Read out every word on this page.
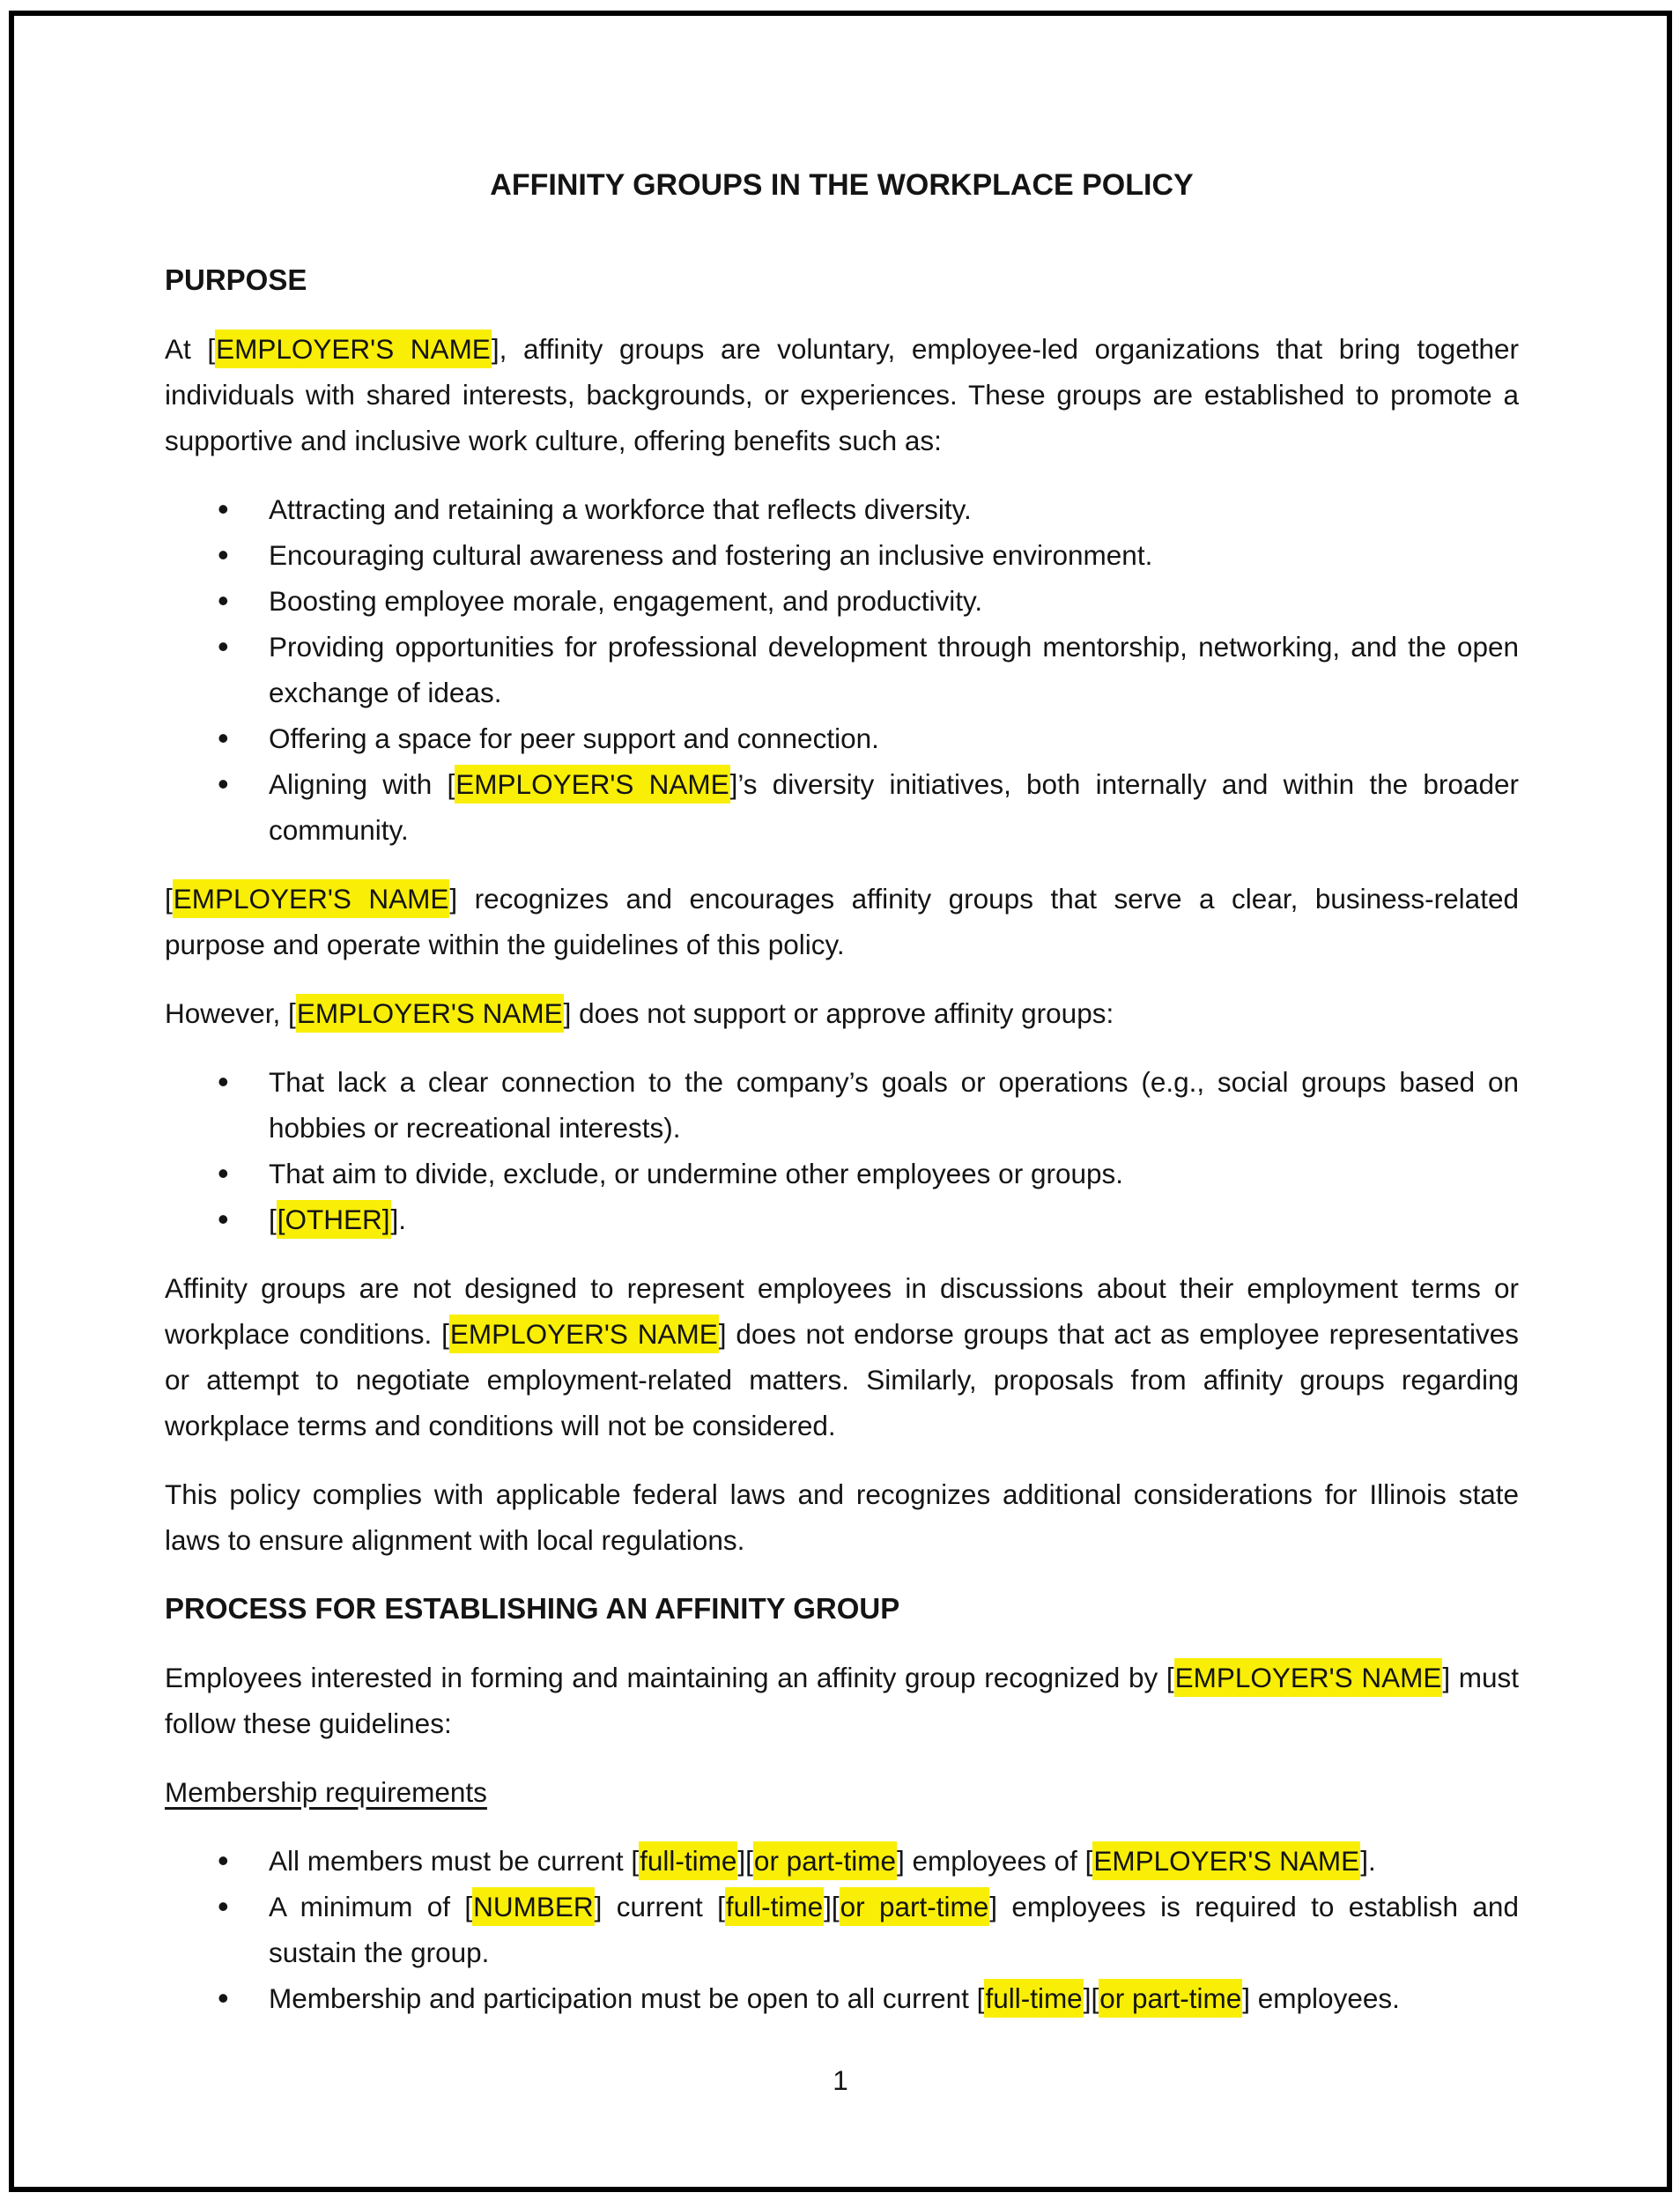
AFFINITY GROUPS IN THE WORKPLACE POLICY

PURPOSE

At [EMPLOYER'S NAME], affinity groups are voluntary, employee-led organizations that bring together individuals with shared interests, backgrounds, or experiences. These groups are established to promote a supportive and inclusive work culture, offering benefits such as:

• Attracting and retaining a workforce that reflects diversity.
• Encouraging cultural awareness and fostering an inclusive environment.
• Boosting employee morale, engagement, and productivity.
• Providing opportunities for professional development through mentorship, networking, and the open exchange of ideas.
• Offering a space for peer support and connection.
• Aligning with [EMPLOYER'S NAME]’s diversity initiatives, both internally and within the broader community.

[EMPLOYER'S NAME] recognizes and encourages affinity groups that serve a clear, business-related purpose and operate within the guidelines of this policy.

However, [EMPLOYER'S NAME] does not support or approve affinity groups:

• That lack a clear connection to the company’s goals or operations (e.g., social groups based on hobbies or recreational interests).
• That aim to divide, exclude, or undermine other employees or groups.
• [[OTHER]].

Affinity groups are not designed to represent employees in discussions about their employment terms or workplace conditions. [EMPLOYER'S NAME] does not endorse groups that act as employee representatives or attempt to negotiate employment-related matters. Similarly, proposals from affinity groups regarding workplace terms and conditions will not be considered.

This policy complies with applicable federal laws and recognizes additional considerations for Illinois state laws to ensure alignment with local regulations.

PROCESS FOR ESTABLISHING AN AFFINITY GROUP

Employees interested in forming and maintaining an affinity group recognized by [EMPLOYER'S NAME] must follow these guidelines:

Membership requirements

• All members must be current [full-time][or part-time] employees of [EMPLOYER'S NAME].
• A minimum of [NUMBER] current [full-time][or part-time] employees is required to establish and sustain the group.
• Membership and participation must be open to all current [full-time][or part-time] employees.
1
